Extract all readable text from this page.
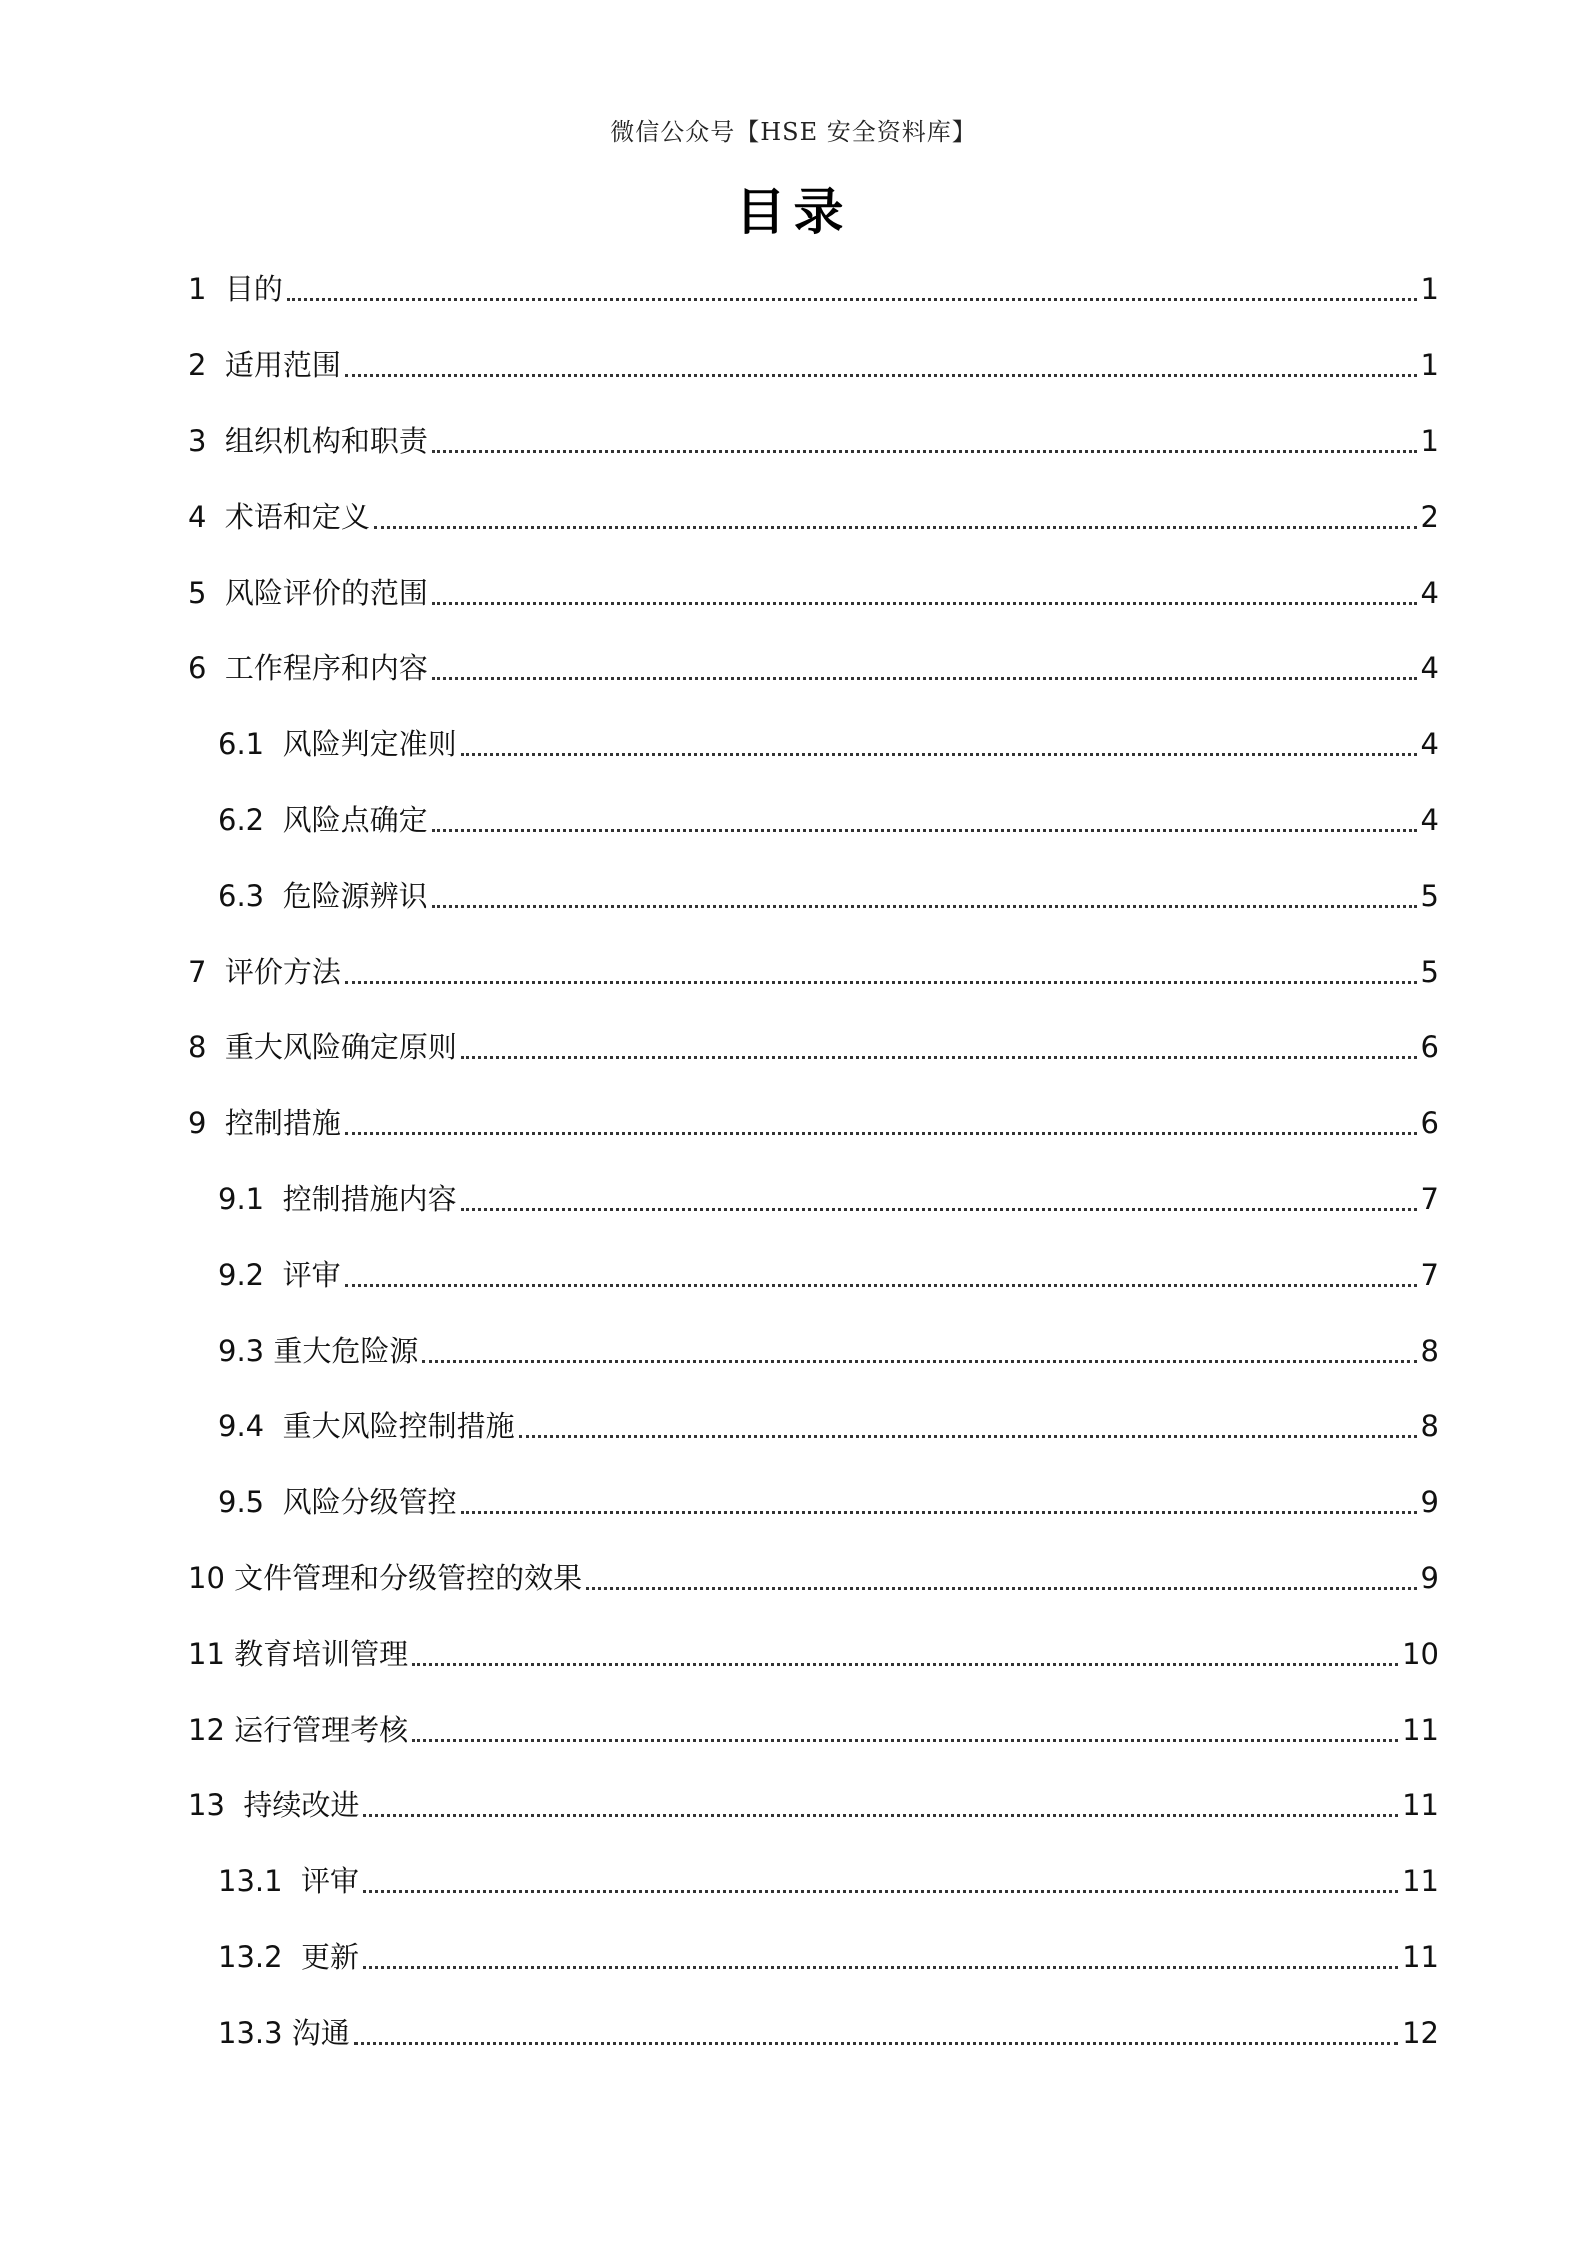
微信公众号【HSE 安全资料库】
目录
1 目的	1
2 适用范围	1
3 组织机构和职责	1
4 术语和定义	2
5 风险评价的范围	4
6 工作程序和内容	4
6.1 风险判定准则	4
6.2 风险点确定	4
6.3 危险源辨识	5
7 评价方法	5
8 重大风险确定原则	6
9 控制措施	6
9.1 控制措施内容	7
9.2 评审	7
9.3 重大危险源	8
9.4 重大风险控制措施	8
9.5 风险分级管控	9
10 文件管理和分级管控的效果	9
11 教育培训管理	10
12 运行管理考核	11
13 持续改进	11
13.1 评审	11
13.2 更新	11
13.3 沟通	12
